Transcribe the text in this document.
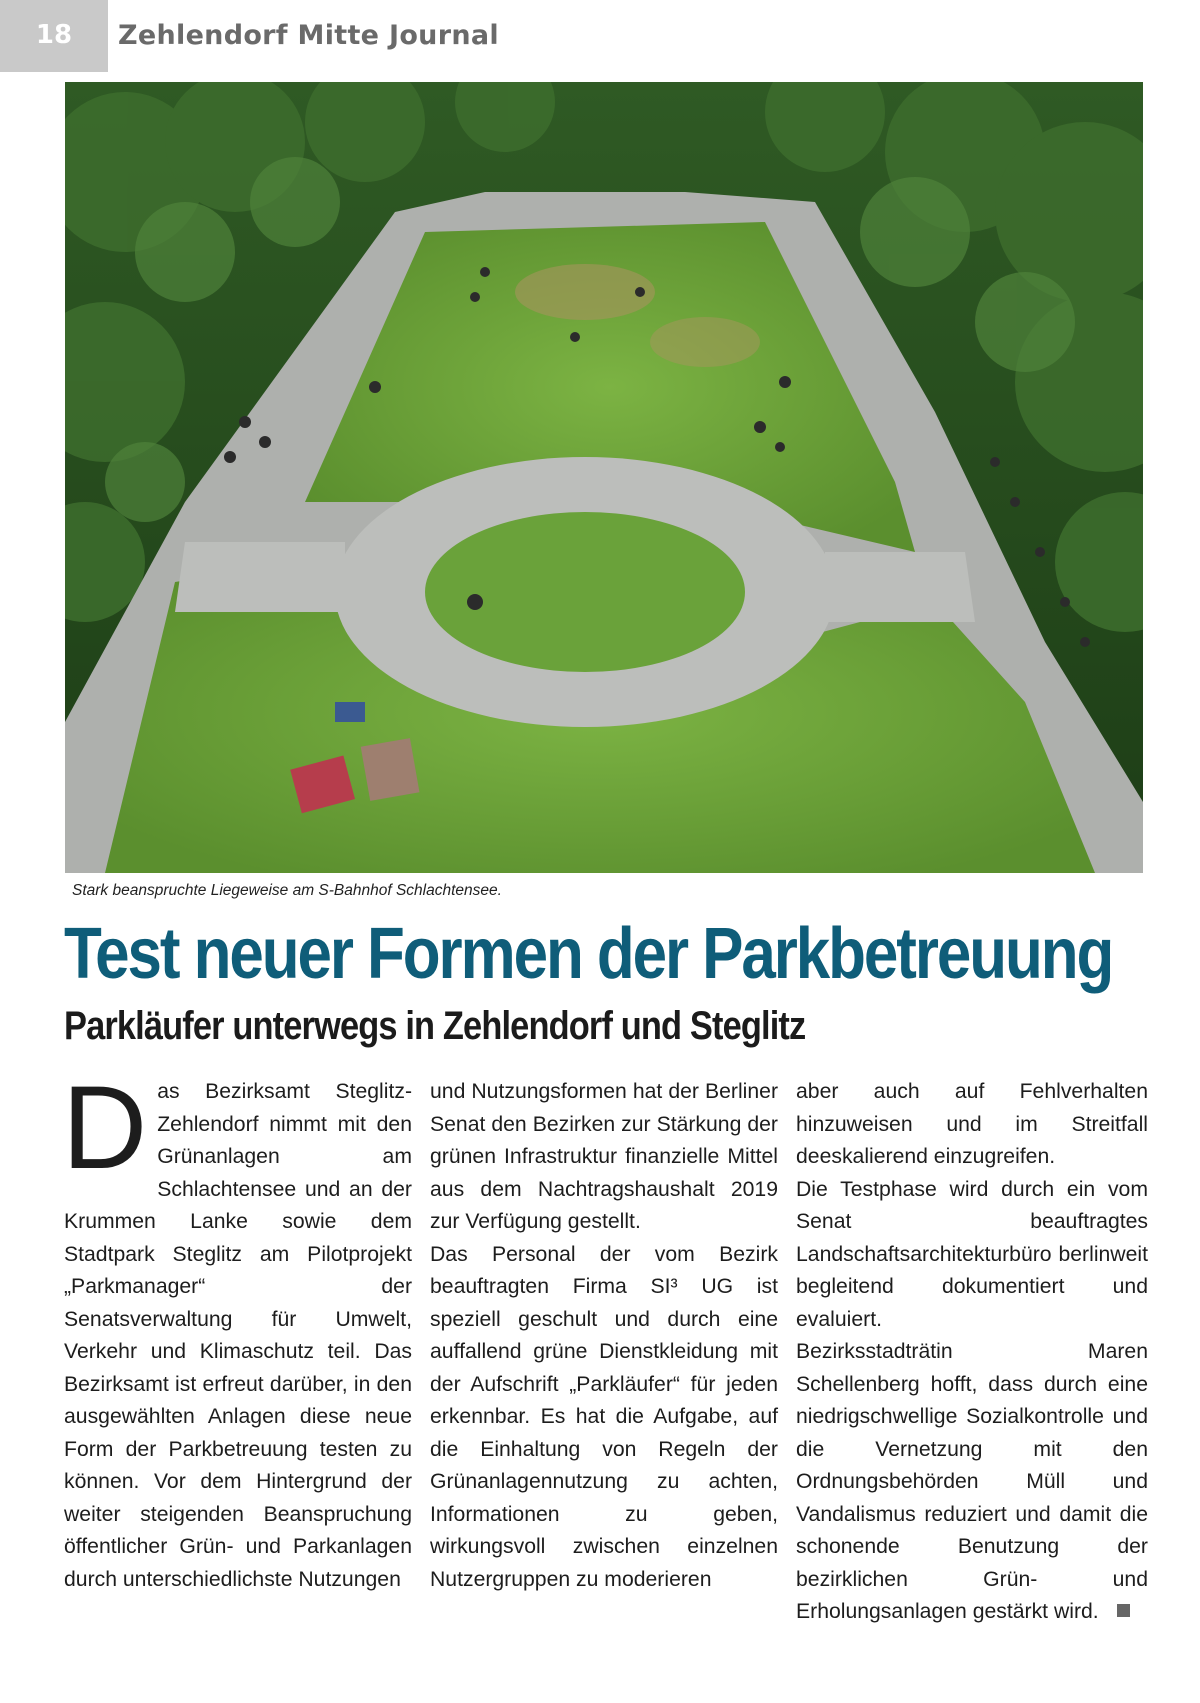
18	Zehlendorf Mitte Journal
Stark beanspruchte Liegeweise am S-Bahnhof Schlachtensee.
Test neuer Formen der Parkbetreuung
Parkläufer unterwegs in Zehlendorf und Steglitz

Das Bezirksamt Steglitz-Zehlendorf nimmt mit den Grünanlagen am Schlachtensee und an der Krummen Lanke sowie dem Stadtpark Steglitz am Pilotprojekt „Parkmanager“ der Senatsverwaltung für Umwelt, Verkehr und Klimaschutz teil. Das Bezirksamt ist erfreut darüber, in den ausgewählten Anlagen diese neue Form der Parkbetreuung testen zu können. Vor dem Hintergrund der weiter steigenden Beanspruchung öffentlicher Grün- und Parkanlagen durch unterschiedlichste Nutzungen

und Nutzungsformen hat der Berliner Senat den Bezirken zur Stärkung der grünen Infrastruktur finanzielle Mittel aus dem Nachtragshaushalt 2019 zur Verfügung gestellt.

Das Personal der vom Bezirk beauftragten Firma SI³ UG ist speziell geschult und durch eine auffallend grüne Dienstkleidung mit der Aufschrift „Parkläufer“ für jeden erkennbar. Es hat die Aufgabe, auf die Einhaltung von Regeln der Grünanlagennutzung zu achten, Informationen zu geben, wirkungsvoll zwischen einzelnen Nutzergruppen zu moderieren

aber auch auf Fehlverhalten hinzuweisen und im Streitfall deeskalierend einzugreifen.

Die Testphase wird durch ein vom Senat beauftragtes Landschaftsarchitekturbüro berlinweit begleitend dokumentiert und evaluiert.

Bezirksstadträtin Maren Schellenberg hofft, dass durch eine niedrigschwellige Sozialkontrolle und die Vernetzung mit den Ordnungsbehörden Müll und Vandalismus reduziert und damit die schonende Benutzung der bezirklichen Grün- und Erholungsanlagen gestärkt wird.
